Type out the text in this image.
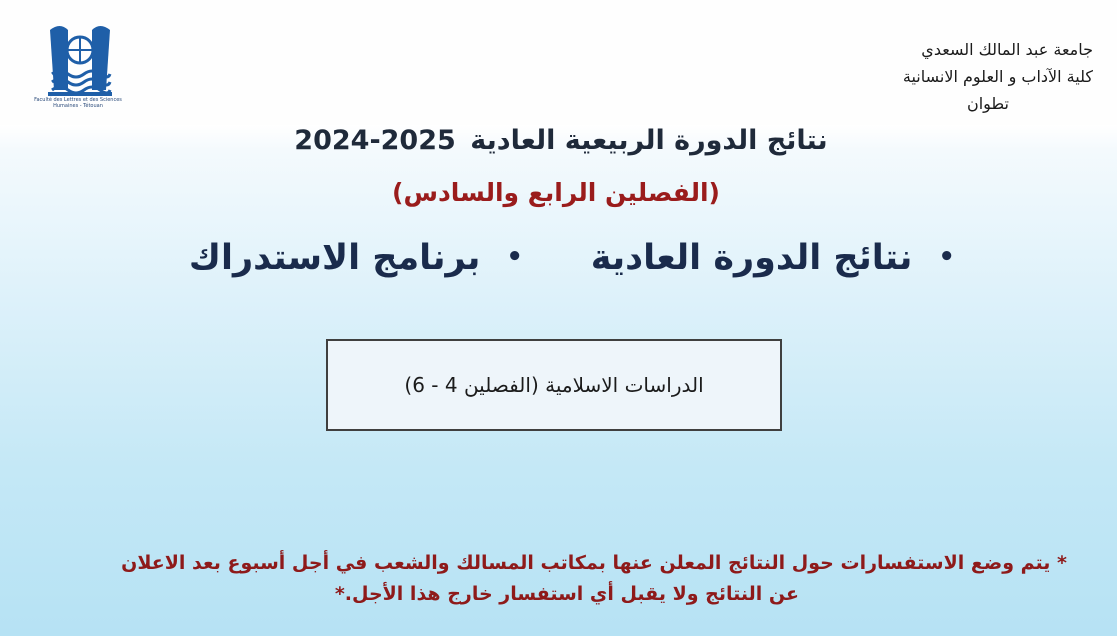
Faculté des Lettres et des Sciences Humaines - Tétouan
جامعة عبد المالك السعدي
كلية الآداب و العلوم الانسانية
تطوان
نتائج الدورة الربيعية العادية 2024-2025
(الفصلين الرابع والسادس)
•نتائج الدورة العادية
•برنامج الاستدراك
الدراسات الاسلامية (الفصلين 4 - 6)
* يتم وضع الاستفسارات حول النتائج المعلن عنها بمكاتب المسالك والشعب في أجل أسبوع بعد الاعلان
عن النتائج ولا يقبل أي استفسار خارج هذا الأجل.*
